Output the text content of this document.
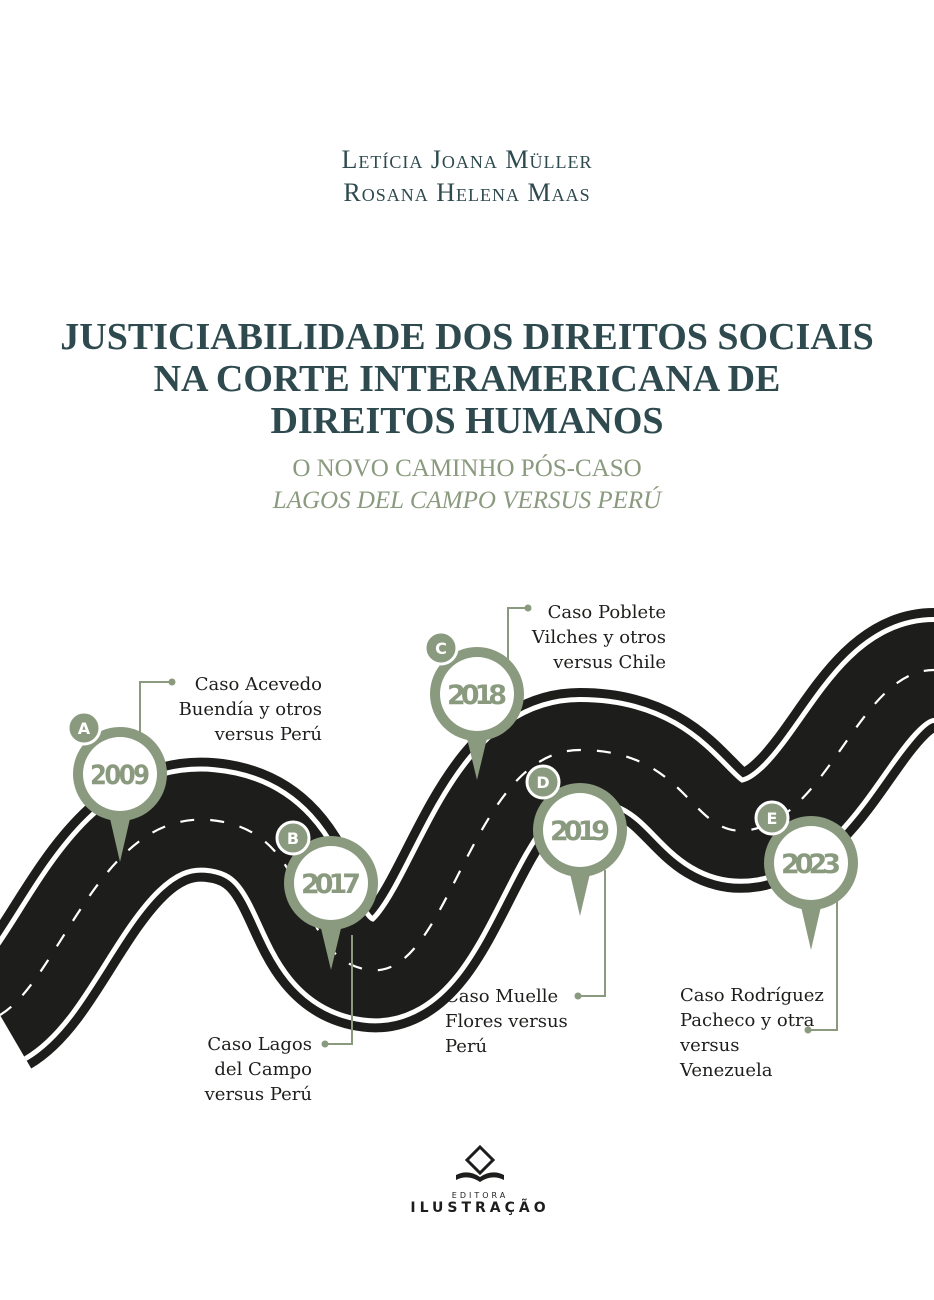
Letícia Joana Müller
Rosana Helena Maas
JUSTICIABILIDADE DOS DIREITOS SOCIAIS
NA CORTE INTERAMERICANA DE
DIREITOS HUMANOS
O NOVO CAMINHO PÓS-CASO
LAGOS DEL CAMPO VERSUS PERÚ
A
2009
B
2017
C
2018
D
2019	E
2023
Caso Acevedo
Buendía y otros
versus Perú
Caso Lagos
del Campo
versus Perú
Caso Poblete
Vilches y otros
versus Chile
Caso Muelle
Flores versus
Perú
Caso Rodríguez
Pacheco y otra
versus
Venezuela
EDITORA
ILUSTRAÇÃO
